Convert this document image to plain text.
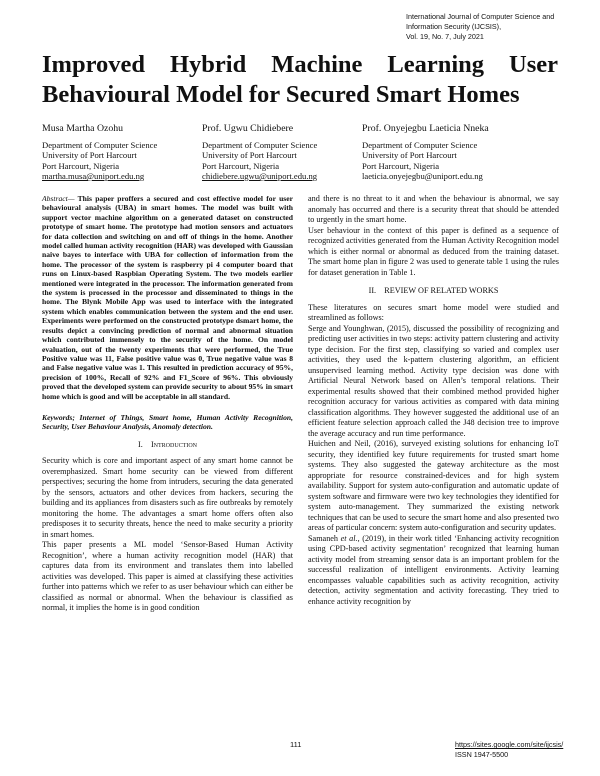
International Journal of Computer Science and Information Security (IJCSIS),
Vol. 19, No. 7, July 2021
Improved Hybrid Machine Learning User
Behavioural Model for Secured Smart Homes
Musa Martha Ozohu
Department of Computer Science
University of Port Harcourt
Port Harcourt, Nigeria
martha.musa@uniport.edu.ng
Prof. Ugwu Chidiebere
Department of Computer Science
University of Port Harcourt
Port Harcourt, Nigeria
chidiebere.ugwu@uniport.edu.ng
Prof. Onyejegbu Laeticia Nneka
Department of Computer Science
University of Port Harcourt
Port Harcourt, Nigeria
laeticia.onyejegbu@uniport.edu.ng

Abstract— This paper proffers a secured and cost effective model for user behavioural analysis (UBA) in smart homes. The model was built with support vector machine algorithm on a generated dataset on constructed prototype of smart home. The prototype had motion sensors and actuators for data collection and switching on and off of things in the home. Another model called human activity recognition (HAR) was developed with Gaussian naive bayes to interface with UBA for collection of information from the home. The processor of the system is raspberry pi 4 computer board that runs on Linux-based Raspbian Operating System. The two models earlier mentioned were integrated in the processor. The information generated from the system is processed in the processor and disseminated to things in the home. The Blynk Mobile App was used to interface with the integrated system which enables communication between the system and the end user. Experiments were performed on the constructed prototype dsmart home, the results depict a convincing prediction of normal and abnormal situation which contributed immensely to the security of the home. On model evaluation, out of the twenty experiments that were performed, the True Positive value was 11, False positive value was 0, True negative value was 8 and False negative value was 1. This resulted in prediction accuracy of 95%, precision of 100%, Recall of 92% and F1_Score of 96%. This obviously proved that the developed system can provide security to about 95% in smart home which is good and will be acceptable in all standard.

Keywords; Internet of Things, Smart home, Human Activity Recognition, Security, User Behaviour Analysis, Anomaly detection.

I. Introduction

Security which is core and important aspect of any smart home cannot be overemphasized. Smart home security can be viewed from different perspectives; securing the home from intruders, securing the data generated by the sensors, actuators and other devices from hackers, securing the building and its appliances from disasters such as fire outbreaks by remotely monitoring the home. The advantages a smart home offers often also predisposes it to security threats, hence the need to make security a priority in smart homes.

This paper presents a ML model ‘Sensor-Based Human Activity Recognition’, where a human activity recognition model (HAR) that captures data from its environment and translates them into labelled activities was developed. This paper is aimed at classifying these activities further into patterns which we refer to as user behaviour which can either be classified as normal or abnormal. When the behaviour is classified as normal, it implies the home is in good condition

and there is no threat to it and when the behaviour is abnormal, we say anomaly has occurred and there is a security threat that should be attended to urgently in the smart home.

User behaviour in the context of this paper is defined as a sequence of recognized activities generated from the Human Activity Recognition model which is either normal or abnormal as deduced from the training dataset. The smart home plan in figure 2 was used to generate table 1 using the rules for dataset generation in Table 1.

II. REVIEW OF RELATED WORKS

These literatures on secures smart home model were studied and streamlined as follows:

Serge and Younghwan, (2015), discussed the possibility of recognizing and predicting user activities in two steps: activity pattern clustering and activity type decision. For the first step, classifying so varied and complex user activities, they used the k-pattern clustering algorithm, an efficient unsupervised learning method. Activity type decision was done with Artificial Neural Network based on Allen’s temporal relations. Their experimental results showed that their combined method provided higher recognition accuracy for various activities as compared with data mining classification algorithms. They however suggested the additional use of an efficient feature selection approach called the J48 decision tree to improve the average accuracy and run time performance.

Huichen and Neil, (2016), surveyed existing solutions for enhancing IoT security, they identified key future requirements for trusted smart home systems. They also suggested the gateway architecture as the most appropriate for resource constrained-devices and for high system availability. Support for system auto-configuration and automatic update of system software and firmware were two key technologies they identified for system auto-management. They summarized the existing network techniques that can be used to secure the smart home and also presented two areas of particular concern: system auto-configuration and security updates.

Samaneh et al., (2019), in their work titled ‘Enhancing activity recognition using CPD-based activity segmentation’ recognized that learning human activity model from streaming sensor data is an important problem for the successful realization of intelligent environments. Activity learning encompasses valuable capabilities such as activity recognition, activity detection, activity segmentation and activity forecasting. They tried to enhance activity recognition by

111	https://sites.google.com/site/ijcsis/
ISSN 1947-5500
